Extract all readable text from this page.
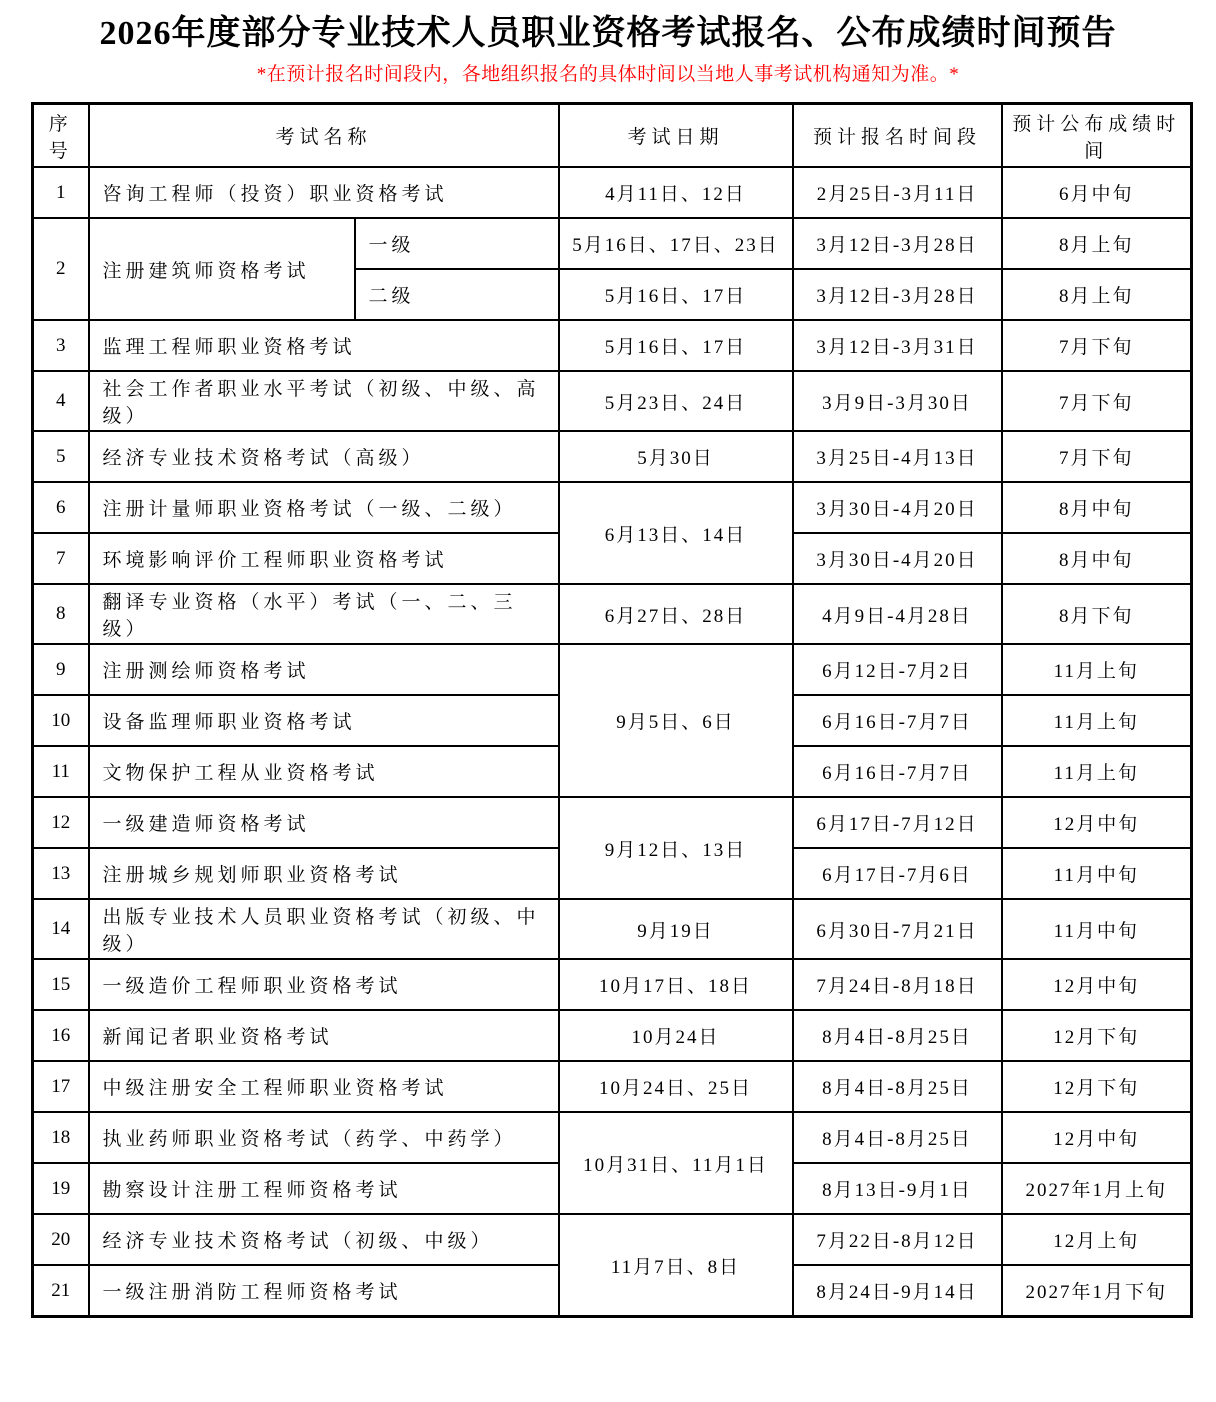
2026年度部分专业技术人员职业资格考试报名、公布成绩时间预告

*在预计报名时间段内，各地组织报名的具体时间以当地人事考试机构通知为准。*

序号	考试名称		考试日期	预计报名时间段	预计公布成绩时间
1	咨询工程师（投资）职业资格考试		4月11日、12日	2月25日-3月11日	6月中旬
2	注册建筑师资格考试	一级	5月16日、17日、23日	3月12日-3月28日	8月上旬
		二级	5月16日、17日	3月12日-3月28日	8月上旬
3	监理工程师职业资格考试		5月16日、17日	3月12日-3月31日	7月下旬
4	社会工作者职业水平考试（初级、中级、高级）		5月23日、24日	3月9日-3月30日	7月下旬
5	经济专业技术资格考试（高级）		5月30日	3月25日-4月13日	7月下旬
6	注册计量师职业资格考试（一级、二级）		6月13日、14日	3月30日-4月20日	8月中旬
7	环境影响评价工程师职业资格考试			3月30日-4月20日	8月中旬
8	翻译专业资格（水平）考试（一、二、三级）		6月27日、28日	4月9日-4月28日	8月下旬
9	注册测绘师资格考试		9月5日、6日	6月12日-7月2日	11月上旬
10	设备监理师职业资格考试			6月16日-7月7日	11月上旬
11	文物保护工程从业资格考试			6月16日-7月7日	11月上旬
12	一级建造师资格考试		9月12日、13日	6月17日-7月12日	12月中旬
13	注册城乡规划师职业资格考试			6月17日-7月6日	11月中旬
14	出版专业技术人员职业资格考试（初级、中级）		9月19日	6月30日-7月21日	11月中旬
15	一级造价工程师职业资格考试		10月17日、18日	7月24日-8月18日	12月中旬
16	新闻记者职业资格考试		10月24日	8月4日-8月25日	12月下旬
17	中级注册安全工程师职业资格考试		10月24日、25日	8月4日-8月25日	12月下旬
18	执业药师职业资格考试（药学、中药学）		10月31日、11月1日	8月4日-8月25日	12月中旬
19	勘察设计注册工程师资格考试			8月13日-9月1日	2027年1月上旬
20	经济专业技术资格考试（初级、中级）		11月7日、8日	7月22日-8月12日	12月上旬
21	一级注册消防工程师资格考试			8月24日-9月14日	2027年1月下旬
